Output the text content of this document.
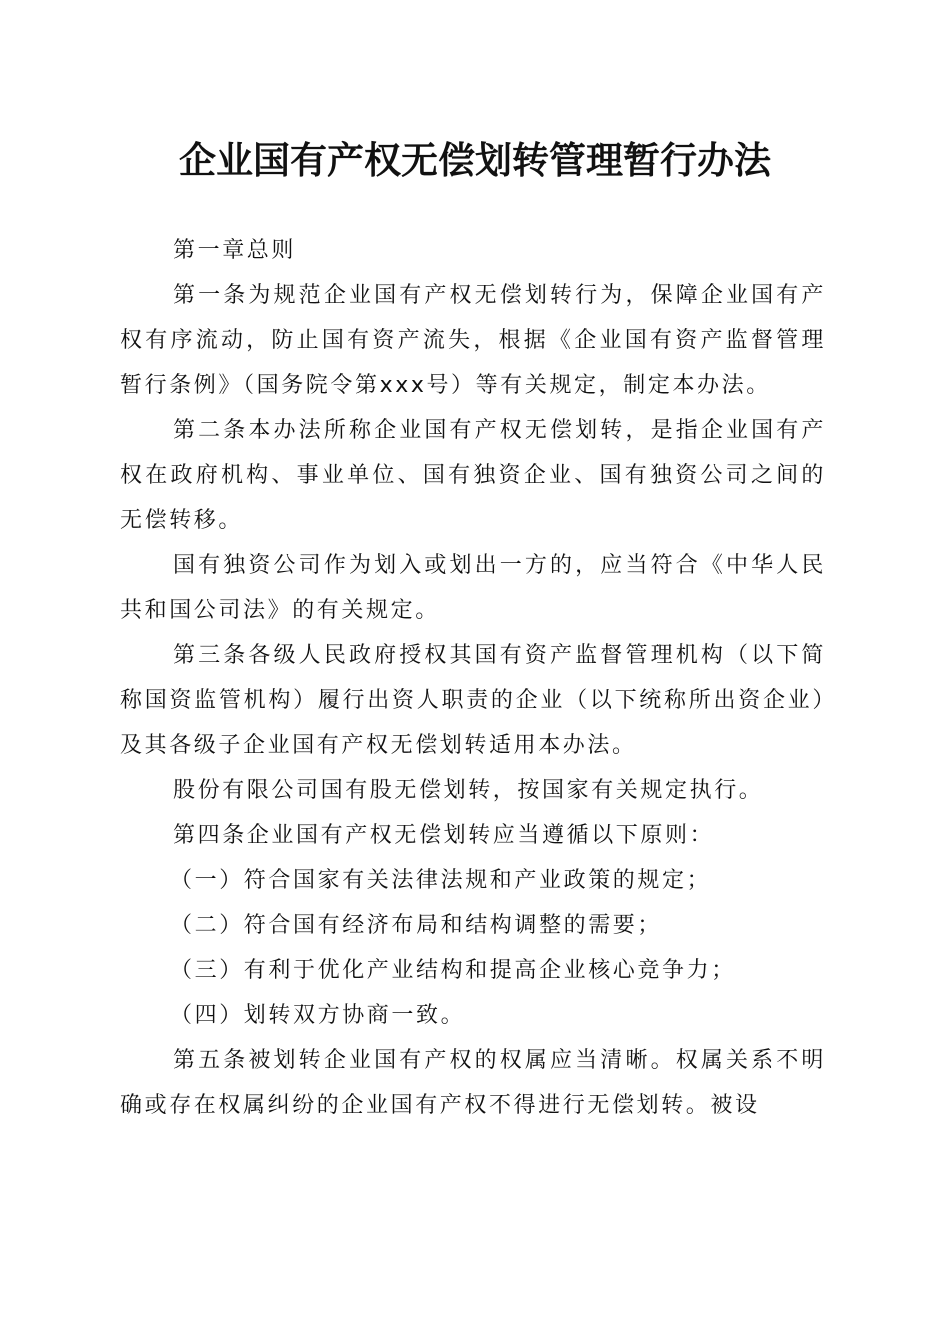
企业国有产权无偿划转管理暂行办法

第一章总则

第一条为规范企业国有产权无偿划转行为，保障企业国有产权有序流动，防止国有资产流失，根据《企业国有资产监督管理暂行条例》（国务院令第xxx号）等有关规定，制定本办法。

第二条本办法所称企业国有产权无偿划转，是指企业国有产权在政府机构、事业单位、国有独资企业、国有独资公司之间的无偿转移。

国有独资公司作为划入或划出一方的，应当符合《中华人民共和国公司法》的有关规定。

第三条各级人民政府授权其国有资产监督管理机构（以下简称国资监管机构）履行出资人职责的企业（以下统称所出资企业）及其各级子企业国有产权无偿划转适用本办法。

股份有限公司国有股无偿划转，按国家有关规定执行。

第四条企业国有产权无偿划转应当遵循以下原则：

（一）符合国家有关法律法规和产业政策的规定；

（二）符合国有经济布局和结构调整的需要；

（三）有利于优化产业结构和提高企业核心竞争力；

（四）划转双方协商一致。

第五条被划转企业国有产权的权属应当清晰。权属关系不明确或存在权属纠纷的企业国有产权不得进行无偿划转。被设
